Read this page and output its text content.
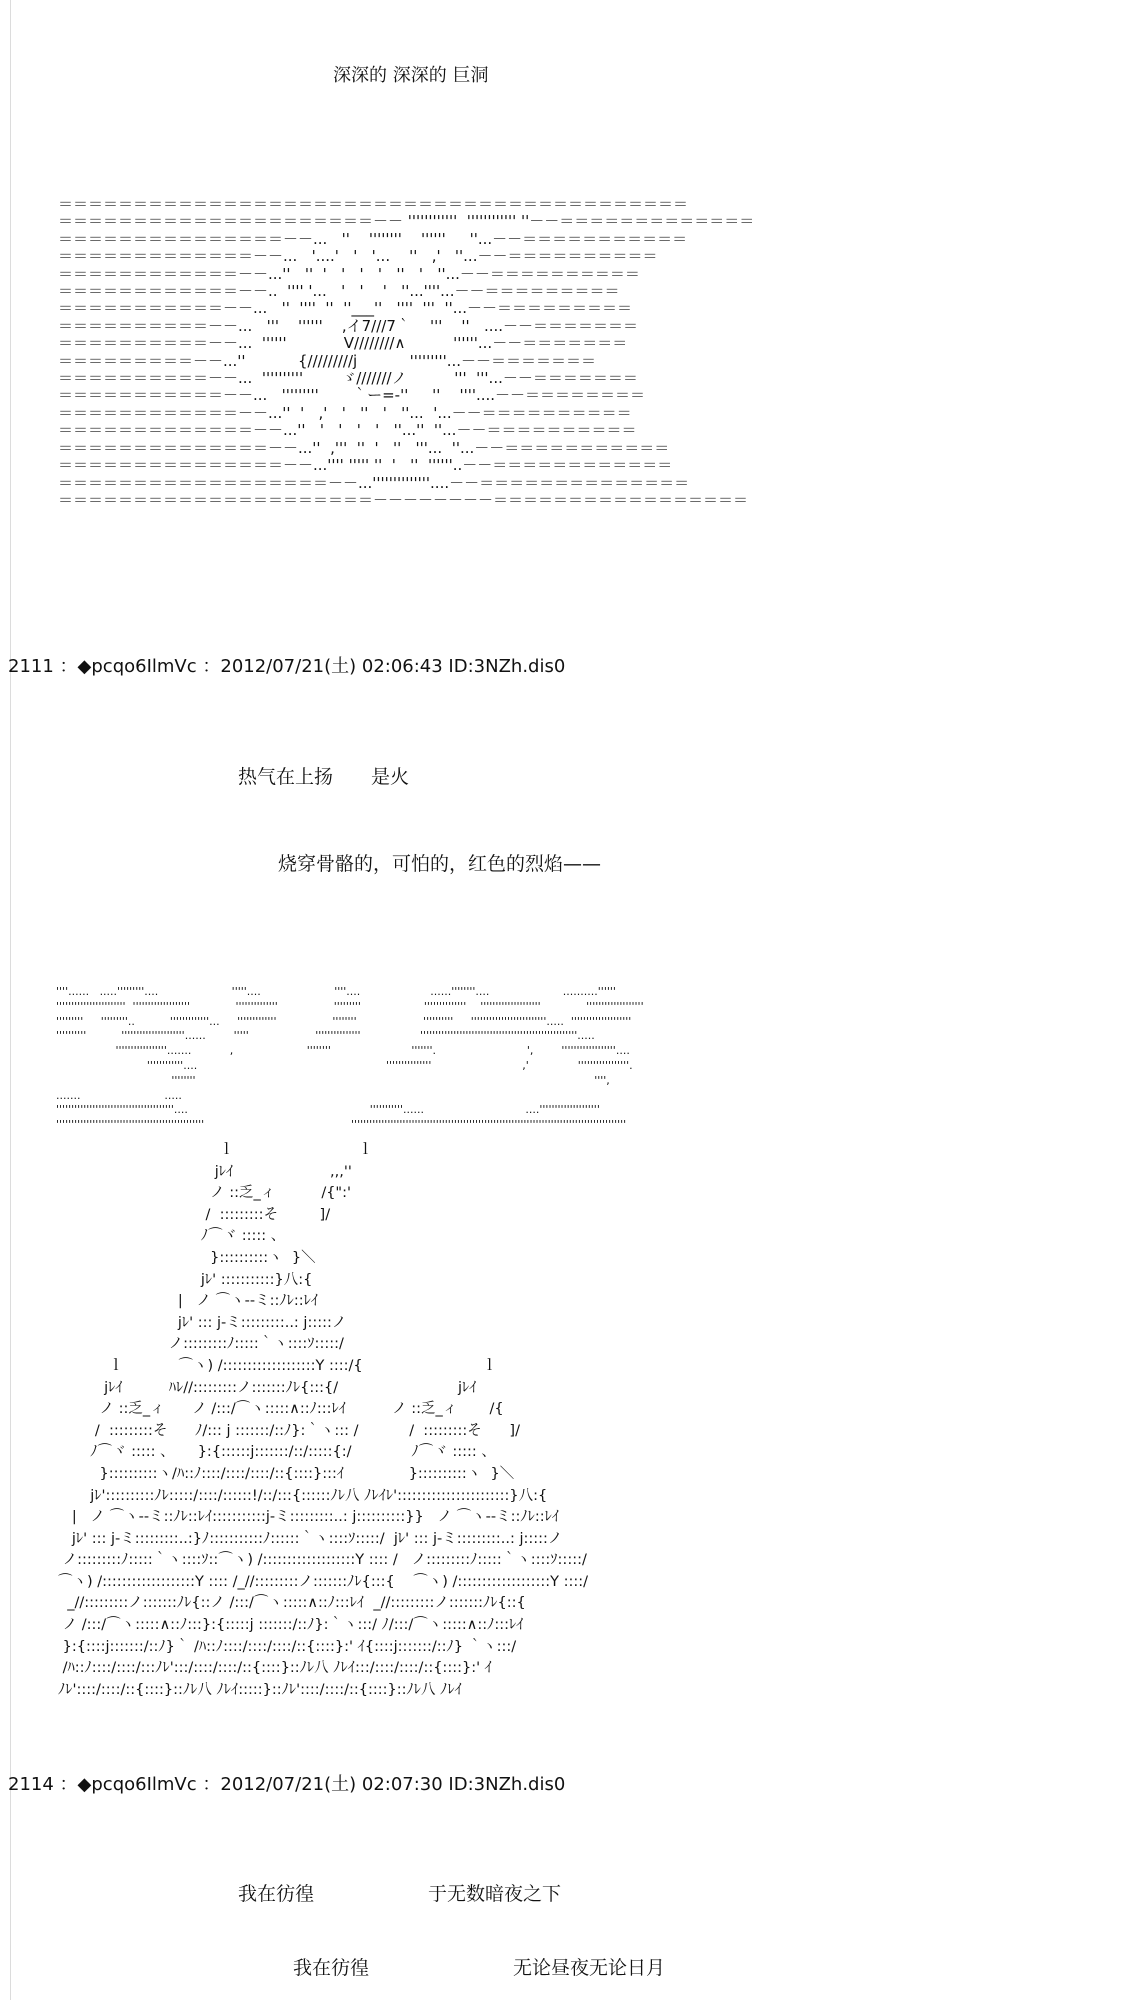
深深的 深深的 巨洞
＝＝＝＝＝＝＝＝＝＝＝＝＝＝＝＝＝＝＝＝＝＝＝＝＝＝＝＝＝＝＝＝＝＝＝＝＝＝＝＝＝＝
＝＝＝＝＝＝＝＝＝＝＝＝＝＝＝＝＝＝＝＝＝－－ ''''''''''''  '''''''''''' ''－－＝＝＝＝＝＝＝＝＝＝＝＝＝
＝＝＝＝＝＝＝＝＝＝＝＝＝＝＝－－...   ''    ''''''''    ''''''     ''...－－＝＝＝＝＝＝＝＝＝＝＝
＝＝＝＝＝＝＝＝＝＝＝＝＝－－...   '....'   '   '...    ''   ,'   ''...－－＝＝＝＝＝＝＝＝＝＝
＝＝＝＝＝＝＝＝＝＝＝＝－－...''   ''  '   '   '   '   ''   '   ''...－－＝＝＝＝＝＝＝＝＝＝
＝＝＝＝＝＝＝＝＝＝＝＝－－..  '''' '...   '   '    '   ''...''''...－－＝＝＝＝＝＝＝＝＝
＝＝＝＝＝＝＝＝＝＝＝－－...   ''  ''''  ''  ''___''   ''''  '''  ''...－－＝＝＝＝＝＝＝＝＝
＝＝＝＝＝＝＝＝＝＝－－...   '''    ''''''    ,イ7///7｀    '''    ''   ....－－＝＝＝＝＝＝＝
＝＝＝＝＝＝＝＝＝＝－－...  ''''''            V////////∧          ''''''...－－＝＝＝＝＝＝＝
＝＝＝＝＝＝＝＝＝－－...''           {/////////j           '''''''''...－－＝＝＝＝＝＝＝
＝＝＝＝＝＝＝＝＝＝－－...  ''''''''''        ゞ///////ノ          '''  '''...－－＝＝＝＝＝＝＝
＝＝＝＝＝＝＝＝＝＝＝－－...   '''''''''       ｀ー=-''     ''    ''''....－－＝＝＝＝＝＝＝＝
＝＝＝＝＝＝＝＝＝＝＝＝－－...''  '   ,'   '   ''   '   ''...  '...－－＝＝＝＝＝＝＝＝＝＝
＝＝＝＝＝＝＝＝＝＝＝＝＝－－...''   '   '   '   '   ''...''  ''...－－＝＝＝＝＝＝＝＝＝＝
＝＝＝＝＝＝＝＝＝＝＝＝＝＝－－...''  ,'''  ''  '   ''   '''...  ''...－－＝＝＝＝＝＝＝＝＝＝＝
＝＝＝＝＝＝＝＝＝＝＝＝＝＝＝－－...'''' ''''' ''  '   ''  ''''''..－－＝＝＝＝＝＝＝＝＝＝＝＝
＝＝＝＝＝＝＝＝＝＝＝＝＝＝＝＝＝＝－－...''''''''''''''....－－＝＝＝＝＝＝＝＝＝＝＝＝＝＝
＝＝＝＝＝＝＝＝＝＝＝＝＝＝＝＝＝＝＝＝＝－－－－－－－－＝＝＝＝＝＝＝＝＝＝＝＝＝＝＝＝＝
2111 ：◆pcqo6IlmVc ：2012/07/21(土) 02:06:43 ID:3NZh.dis0
热气在上扬　　是火
烧穿骨骼的，可怕的，红色的烈焰——
''''......   .....'''''''''....                     '''''....                     ''''....                    ......''''''''....                     ..........''''''
'''''''''''''''''''''''  '''''''''''''''''''             ''''''''''''''                '''''''''                  ''''''''''''''    ''''''''''''''''''''             '''''''''''''''''''
'''''''''     '''''''''..          '''''''''''''...     '''''''''''''                ''''''''                   ''''''''''     '''''''''''''''''''''''''.....  ''''''''''''''''''''
''''''''''          '''''''''''''''''''''......        '''''                   '''''''''''''''                 ''''''''''''''''''''''''''''''''''''''''''''''''''''.....
'''''''''''''''''.......           ,                     ''''''''                       '''''''.                          ',        ''''''''''''''''''....
''''''''''''....                                                      '''''''''''''''                          ,'              '''''''''''''''''.
''''''''                                                                                                                  '''',
.......                        .....
'''''''''''''''''''''''''''''''''''''''....                                                    '''''''''''......                             ....''''''''''''''''''''
'''''''''''''''''''''''''''''''''''''''''''''''''                                          '''''''''''''''''''''''''''''''''''''''''''''''''''''''''''''''''''''''''''''''''''''''''''
ｌ                           ｌ
jﾚｲ                     ,,,''
ノ ::乏_ィ          /{":'
/  :::::::::そ         ]/
ﾉ⌒ヾ ::::: 、
}::::::::::ヽ  }＼
jﾚ' :::::::::::}八:{
|   ノ ⌒ヽ--ミ::ﾉﾚ::ﾚｲ
jﾚ' ::: j-ミ:::::::::..: j:::::ノ
ノ:::::::::ﾉ:::::｀ヽ::::ｿ:::::/
ｌ            ⌒ヽ) /:::::::::::::::::::Y ::::/{                          ｌ
jﾚｲ          ﾊﾚ//:::::::::ノ:::::::ﾉﾚ{:::{/                          jﾚｲ
ノ ::乏_ィ      ノ /:::/⌒ヽ:::::∧::ﾉ:::ﾚｲ          ノ ::乏_ィ       /{
/  :::::::::そ      ﾉ/::: j :::::::/::ﾉ}:｀ヽ::: /           /  :::::::::そ      ]/
ﾉ⌒ヾ ::::: 、     }:{::::::j:::::::/::/:::::{:/             ﾉ⌒ヾ ::::: 、
}::::::::::ヽ/ﾊ::ﾉ::::/::::/::::/::{::::}:::ｲ              }::::::::::ヽ  }＼
jﾚ'::::::::::ﾉﾚ:::::/::::/::::::!/::/:::{::::::ﾉﾚ八 ﾉﾚｲﾚ':::::::::::::::::::::::}八:{
|   ノ ⌒ヽ--ミ::ﾉﾚ::ﾚｲ:::::::::::j-ミ:::::::::..: j::::::::::}}   ノ ⌒ヽ--ミ::ﾉﾚ::ﾚｲ
jﾚ' ::: j-ミ:::::::::..:}ﾉ:::::::::::ﾉ::::::｀ヽ::::ｿ:::::/  jﾚ' ::: j-ミ:::::::::..: j:::::ノ
ノ:::::::::ﾉ:::::｀ヽ::::ｿ::⌒ヽ) /:::::::::::::::::::Y :::: /   ノ:::::::::ﾉ:::::｀ヽ::::ｿ:::::/
⌒ヽ) /:::::::::::::::::::Y :::: /_//:::::::::ノ:::::::ﾉﾚ{:::{    ⌒ヽ) /:::::::::::::::::::Y ::::/
_//:::::::::ノ:::::::ﾉﾚ{::ノ /:::/⌒ヽ:::::∧::ﾉ:::ﾚｲ  _//:::::::::ノ:::::::ﾉﾚ{::{
ノ /:::/⌒ヽ:::::∧::ﾉ:::}:{:::::j :::::::/::ﾉ}:｀ヽ:::/ ﾉ/:::/⌒ヽ:::::∧::ﾉ:::ﾚｲ
}:{::::j:::::::/::ﾉ}｀ /ﾊ::ﾉ::::/::::/::::/::{::::}:' ｲ{::::j:::::::/::ﾉ} ｀ヽ:::/
/ﾊ::ﾉ::::/::::/:::ﾉﾚ':::/::::/::::/::{::::}::ﾉﾚ八 ﾉﾚｲ:::/::::/::::/::{::::}:' ｲ
ﾉﾚ'::::/::::/::{::::}::ﾉﾚ八 ﾉﾚｲ:::::}::ﾉﾚ'::::/::::/::{::::}::ﾉﾚ八 ﾉﾚｲ
2114 ：◆pcqo6IlmVc ：2012/07/21(土) 02:07:30 ID:3NZh.dis0
我在彷徨	于无数暗夜之下
我在彷徨	无论昼夜无论日月
